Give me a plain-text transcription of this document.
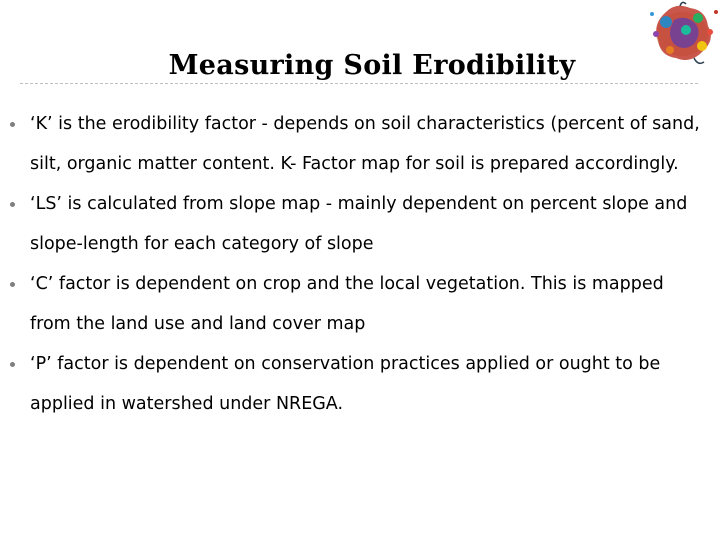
Measuring Soil Erodibility
‘K’ is the erodibility factor - depends on soil characteristics (percent of sand, silt, organic matter content. K- Factor map for soil is prepared accordingly.
‘LS’ is calculated from slope map - mainly dependent on percent slope and slope-length for each category of slope
‘C’ factor is dependent on crop and the local vegetation. This is mapped from the land use and land cover map
‘P’ factor is dependent on conservation practices applied or ought to be applied in watershed under NREGA.
